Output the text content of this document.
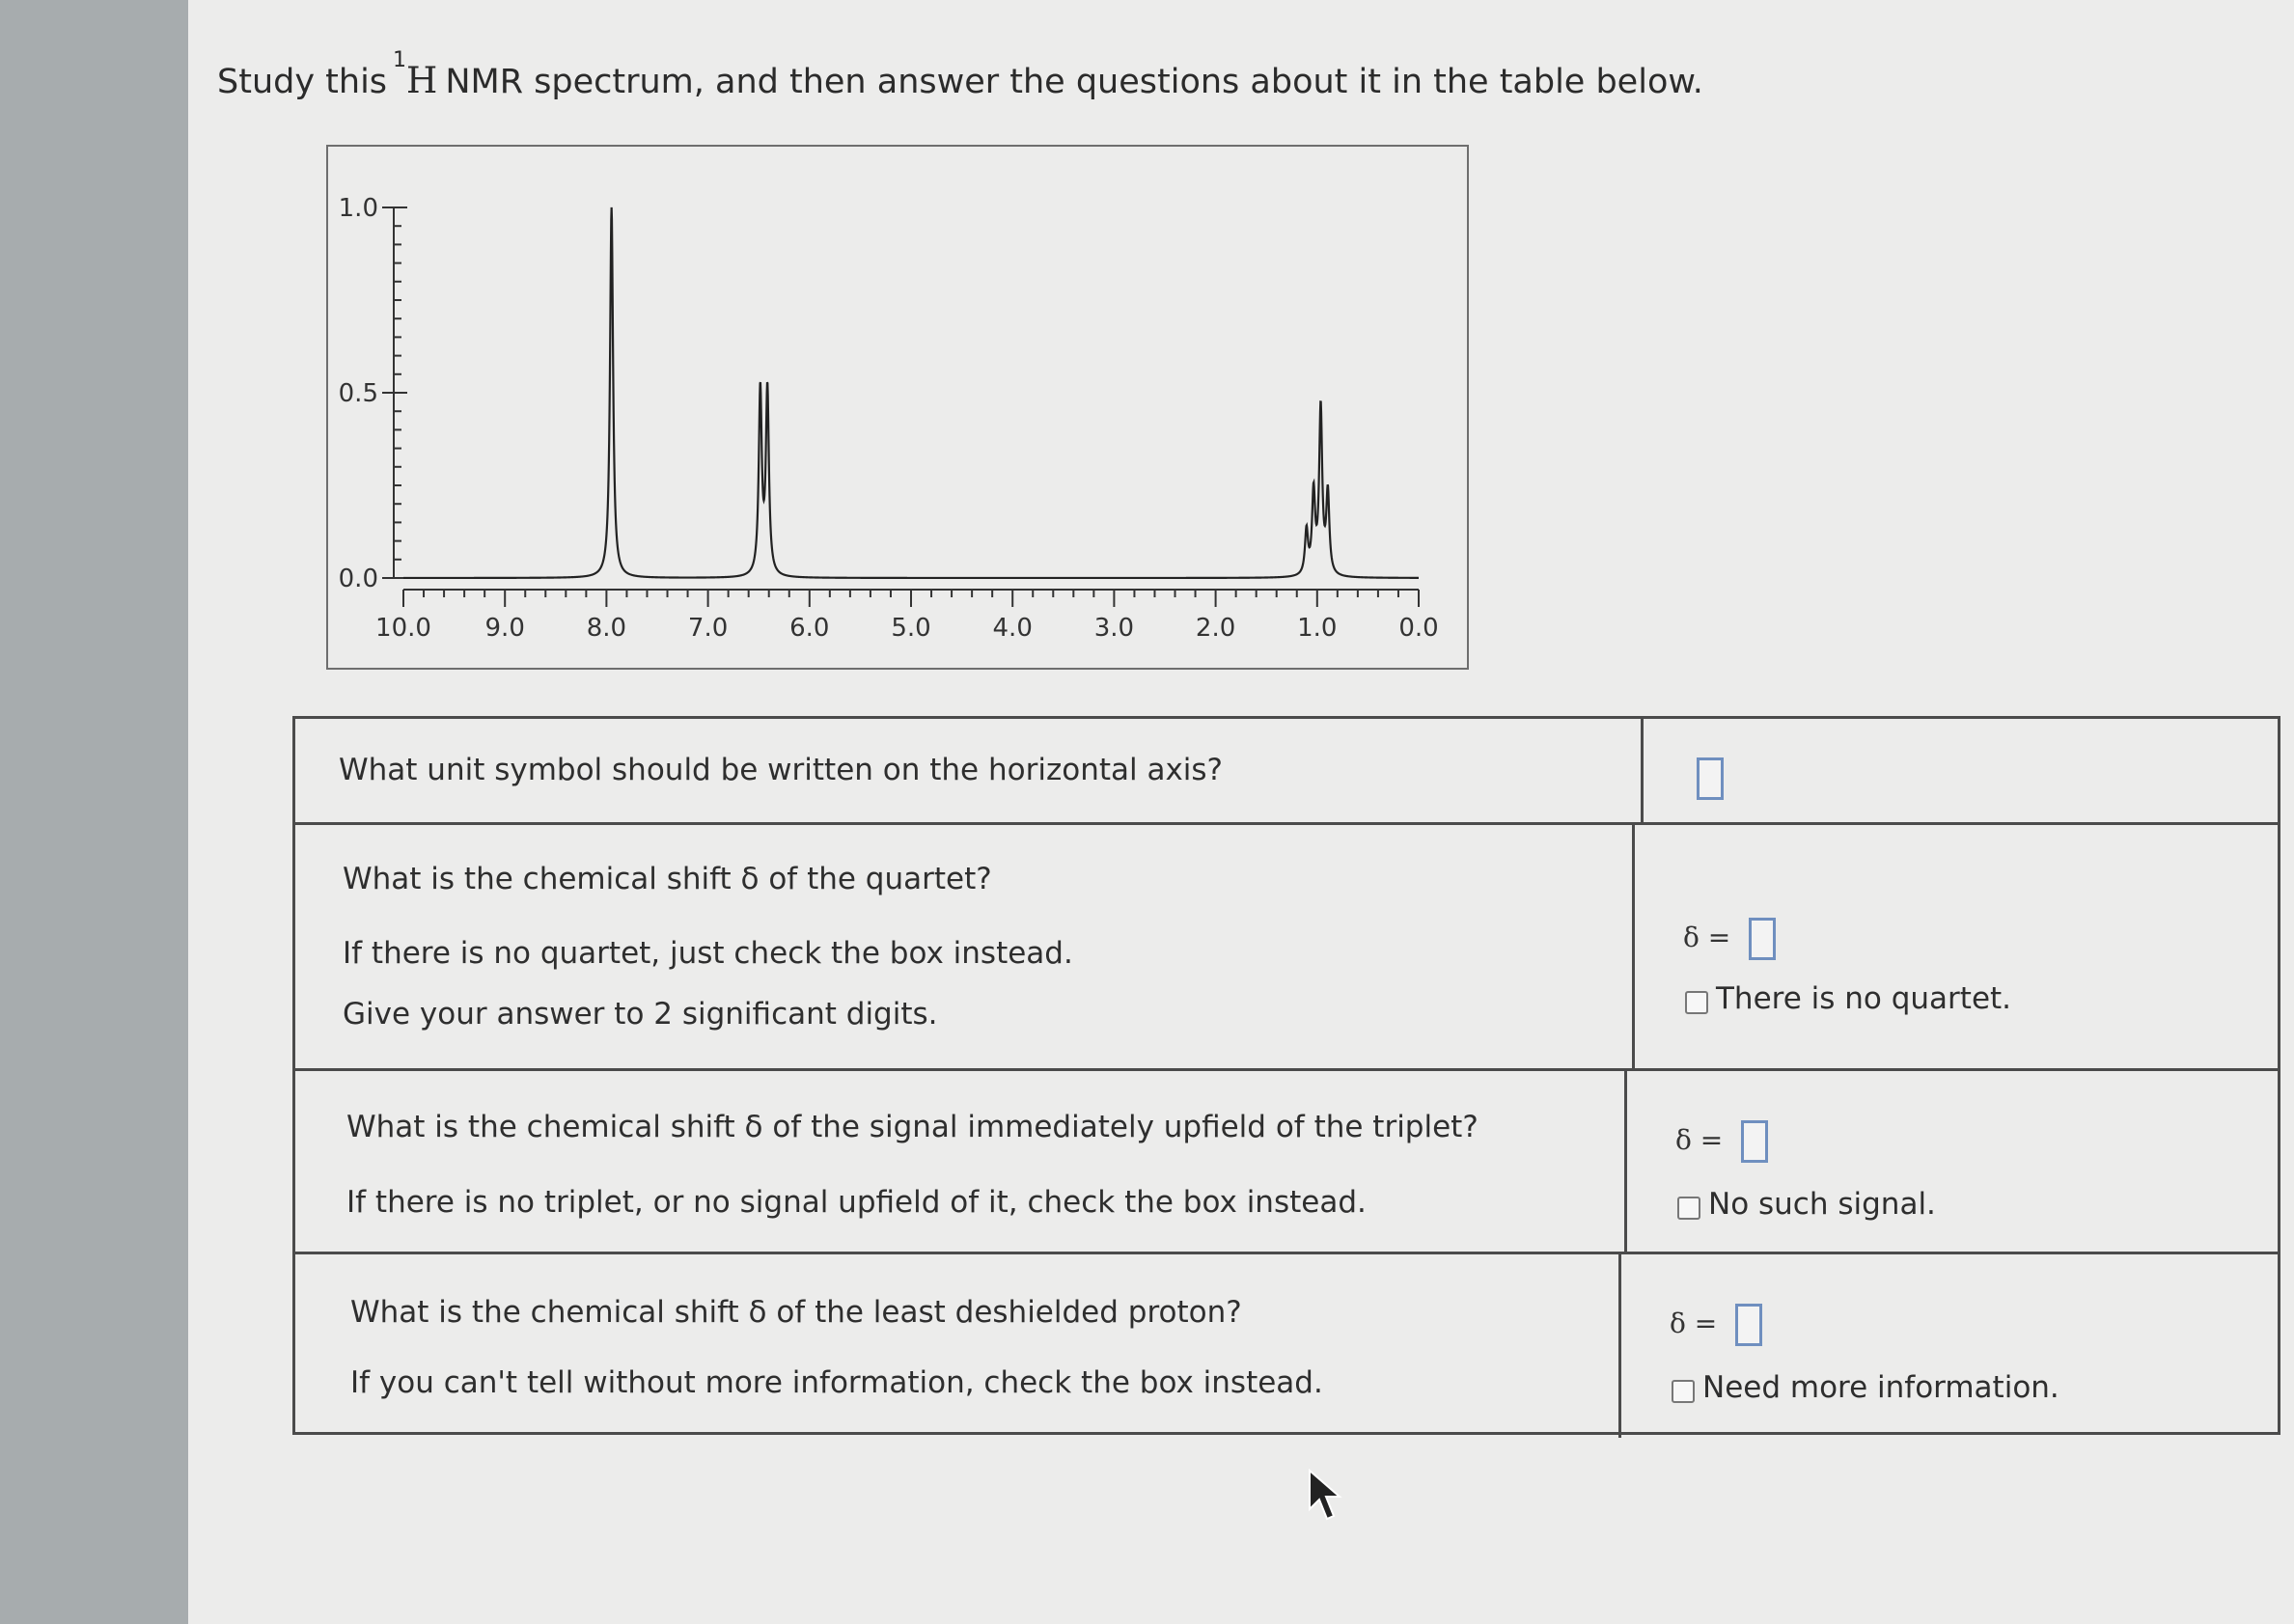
Study this$^1$H NMR spectrum, and then answer the questions about it in the table below.
1.0
0.5
0.0
10.0 9.0 8.0 7.0 6.0 5.0 4.0 3.0 2.0 1.0 0.0
What unit symbol should be written on the horizontal axis?
What is the chemical shift δ of the quartet?
If there is no quartet, just check the box instead.
Give your answer to 2 significant digits.
δ =
There is no quartet.
What is the chemical shift δ of the signal immediately upfield of the triplet?
If there is no triplet, or no signal upfield of it, check the box instead.
δ =
No such signal.
What is the chemical shift δ of the least deshielded proton?
If you can't tell without more information, check the box instead.
δ =
Need more information.
